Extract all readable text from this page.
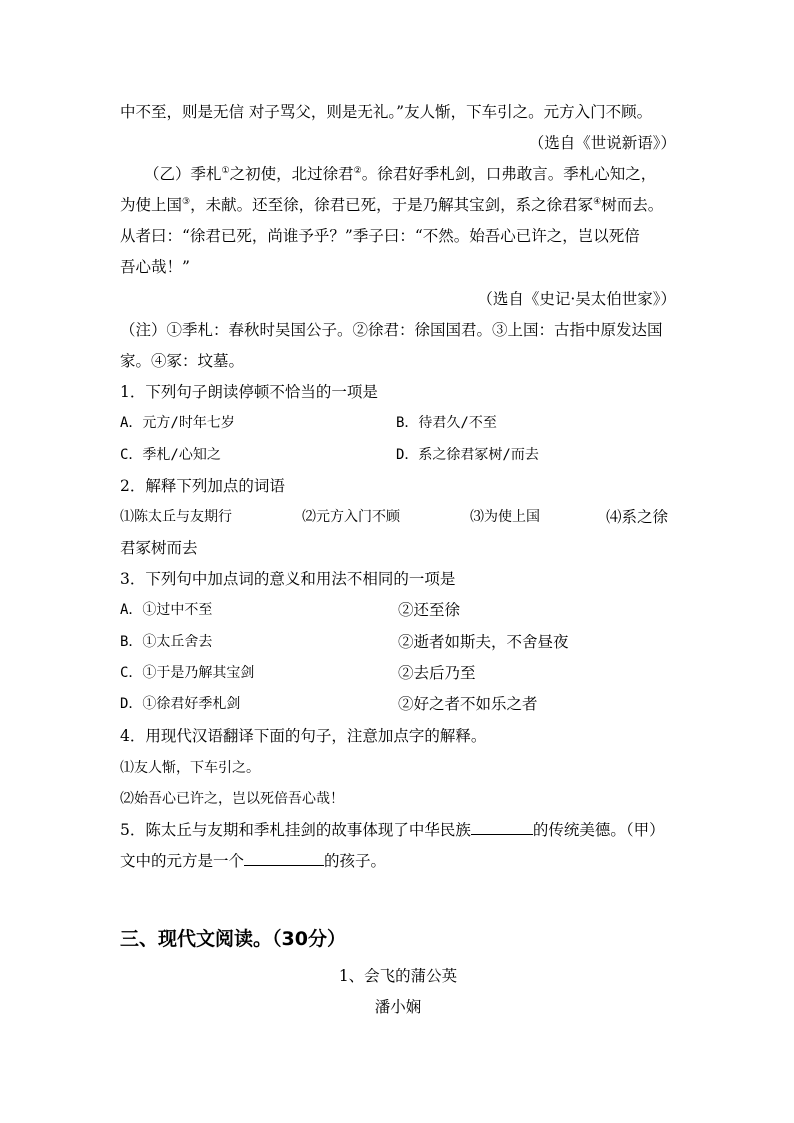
中不至，则是无信 对子骂父，则是无礼。”友人惭，下车引之。元方入门不顾。
（选自《世说新语》）
（乙）季札①之初使，北过徐君②。徐君好季札剑，口弗敢言。季札心知之，
为使上国③，未献。还至徐，徐君已死，于是乃解其宝剑，系之徐君冢④树而去。
从者曰：“徐君已死，尚谁予乎？”季子曰：“不然。始吾心已许之，岂以死倍
吾心哉！”
（选自《史记·吴太伯世家》）
（注）①季札：春秋时吴国公子。②徐君：徐国国君。③上国：古指中原发达国
家。④冢：坟墓。
1．下列句子朗读停顿不恰当的一项是
A．元方/时年七岁	B．待君久/不至
C．季札/心知之	D．系之徐君冢树/而去
2．解释下列加点的词语
⑴陈太丘与友期行	⑵元方入门不顾	⑶为使上国	⑷系之徐
君冢树而去
3．下列句中加点词的意义和用法不相同的一项是
A．①过中不至	②还至徐
B．①太丘舍去	②逝者如斯夫，不舍昼夜
C．①于是乃解其宝剑	②去后乃至
D．①徐君好季札剑	②好之者不如乐之者
4．用现代汉语翻译下面的句子，注意加点字的解释。
⑴友人惭，下车引之。
⑵始吾心已许之，岂以死倍吾心哉！
5．陈太丘与友期和季札挂剑的故事体现了中华民族	的传统美德。（甲）
文中的元方是一个	的孩子。
三、现代文阅读。（30分）
1、会飞的蒲公英
潘小娴
